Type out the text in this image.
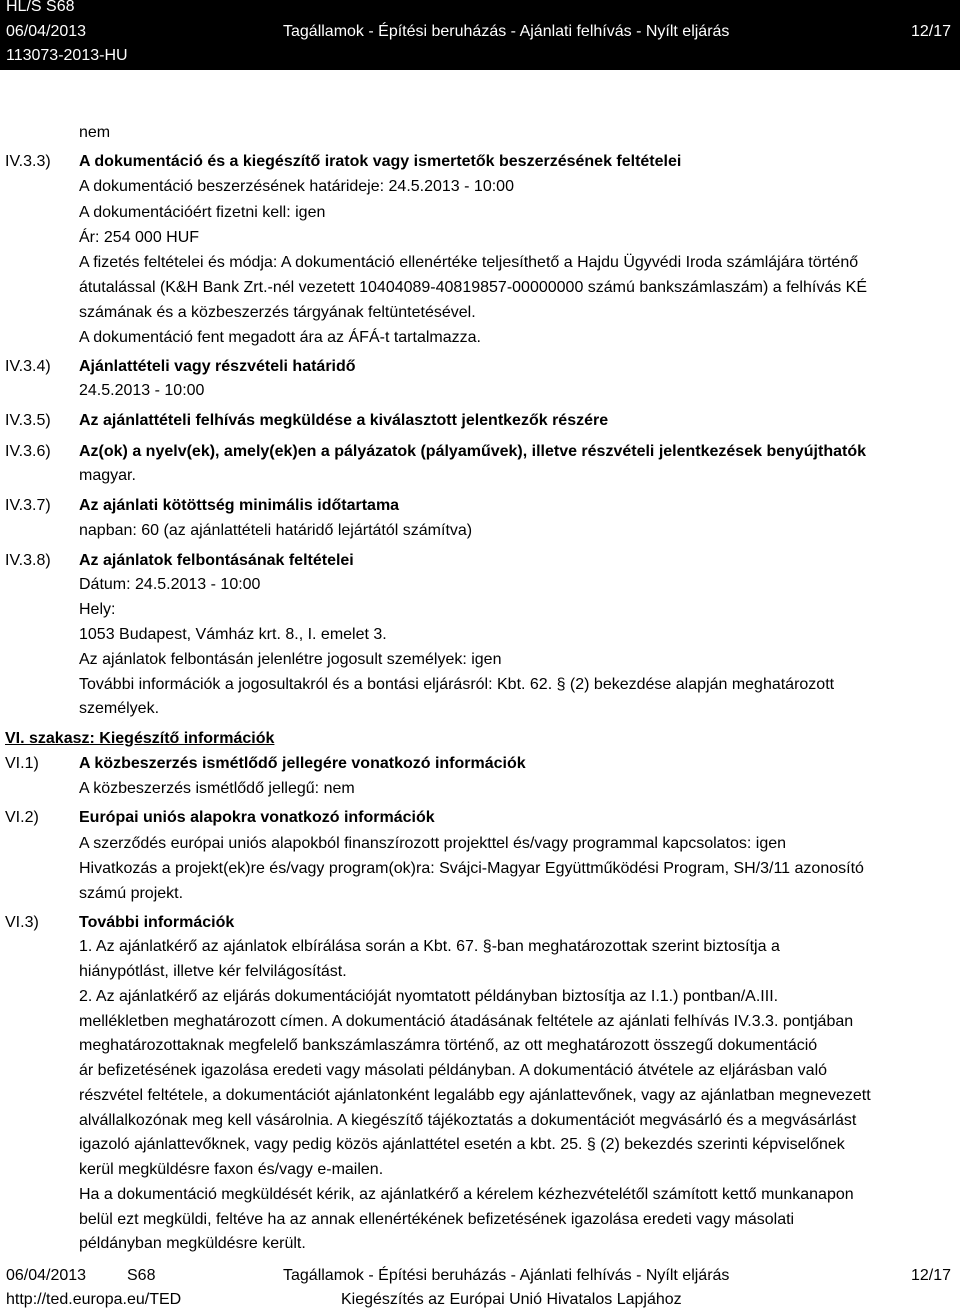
HL/S S68
06/04/2013
113073-2013-HU
Tagállamok - Építési beruházás - Ajánlati felhívás - Nyílt eljárás	12/17
nem
IV.3.3) A dokumentáció és a kiegészítő iratok vagy ismertetők beszerzésének feltételei
A dokumentáció beszerzésének határideje: 24.5.2013 - 10:00
A dokumentációért fizetni kell: igen
Ár: 254 000 HUF
A fizetés feltételei és módja: A dokumentáció ellenértéke teljesíthető a Hajdu Ügyvédi Iroda számlájára történő
átutalással (K&H Bank Zrt.-nél vezetett 10404089-40819857-00000000 számú bankszámlaszám) a felhívás KÉ
számának és a közbeszerzés tárgyának feltüntetésével.
A dokumentáció fent megadott ára az ÁFÁ-t tartalmazza.
IV.3.4) Ajánlattételi vagy részvételi határidő
24.5.2013 - 10:00
IV.3.5) Az ajánlattételi felhívás megküldése a kiválasztott jelentkezők részére
IV.3.6) Az(ok) a nyelv(ek), amely(ek)en a pályázatok (pályaművek), illetve részvételi jelentkezések benyújthatók
magyar.
IV.3.7) Az ajánlati kötöttség minimális időtartama
napban: 60 (az ajánlattételi határidő lejártától számítva)
IV.3.8) Az ajánlatok felbontásának feltételei
Dátum: 24.5.2013 - 10:00
Hely:
1053 Budapest, Vámház krt. 8., I. emelet 3.
Az ajánlatok felbontásán jelenlétre jogosult személyek: igen
További információk a jogosultakról és a bontási eljárásról: Kbt. 62. § (2) bekezdése alapján meghatározott
személyek.
VI. szakasz: Kiegészítő információk
VI.1)	A közbeszerzés ismétlődő jellegére vonatkozó információk
A közbeszerzés ismétlődő jellegű: nem
VI.2)	Európai uniós alapokra vonatkozó információk
A szerződés európai uniós alapokból finanszírozott projekttel és/vagy programmal kapcsolatos: igen
Hivatkozás a projekt(ek)re és/vagy program(ok)ra: Svájci-Magyar Együttműködési Program, SH/3/11 azonosító
számú projekt.
VI.3)	További információk
1. Az ajánlatkérő az ajánlatok elbírálása során a Kbt. 67. §-ban meghatározottak szerint biztosítja a
hiánypótlást, illetve kér felvilágosítást.
2. Az ajánlatkérő az eljárás dokumentációját nyomtatott példányban biztosítja az I.1.) pontban/A.III.
mellékletben meghatározott címen. A dokumentáció átadásának feltétele az ajánlati felhívás IV.3.3. pontjában
meghatározottaknak megfelelő bankszámlaszámra történő, az ott meghatározott összegű dokumentáció
ár befizetésének igazolása eredeti vagy másolati példányban. A dokumentáció átvétele az eljárásban való
részvétel feltétele, a dokumentációt ajánlatonként legalább egy ajánlattevőnek, vagy az ajánlatban megnevezett
alvállalkozónak meg kell vásárolnia. A kiegészítő tájékoztatás a dokumentációt megvásárló és a megvásárlást
igazoló ajánlattevőknek, vagy pedig közös ajánlattétel esetén a kbt. 25. § (2) bekezdés szerinti képviselőnek
kerül megküldésre faxon és/vagy e-mailen.
Ha a dokumentáció megküldését kérik, az ajánlatkérő a kérelem kézhezvételétől számított kettő munkanapon
belül ezt megküldi, feltéve ha az annak ellenértékének befizetésének igazolása eredeti vagy másolati
példányban megküldésre került.
06/04/2013	S68	Tagállamok - Építési beruházás - Ajánlati felhívás - Nyílt eljárás	12/17
http://ted.europa.eu/TED	Kiegészítés az Európai Unió Hivatalos Lapjához
